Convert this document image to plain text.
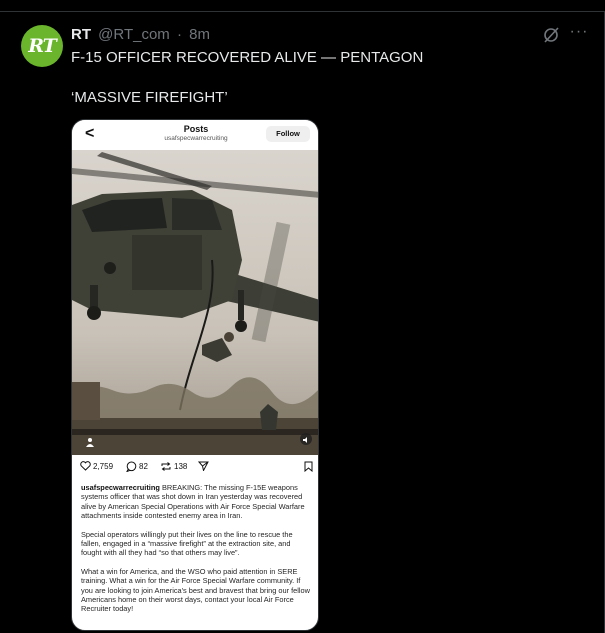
RT
RT @RT_com · 8m	···
F-15 OFFICER RECOVERED ALIVE — PENTAGON
‘MASSIVE FIREFIGHT’
<	Posts
usafspecwarrecruiting
Follow
2,759	82	138

usafspecwarrecruiting BREAKING: The missing F-15E weapons systems officer that was shot down in Iran yesterday was recovered alive by American Special Operations with Air Force Special Warfare attachments inside contested enemy area in Iran.

Special operators willingly put their lives on the line to rescue the fallen, engaged in a “massive firefight” at the extraction site, and fought with all they had “so that others may live”.

What a win for America, and the WSO who paid attention in SERE training. What a win for the Air Force Special Warfare community. If you are looking to join America's best and bravest that bring our fellow Americans home on their worst days, contact your local Air Force Recruiter today!
